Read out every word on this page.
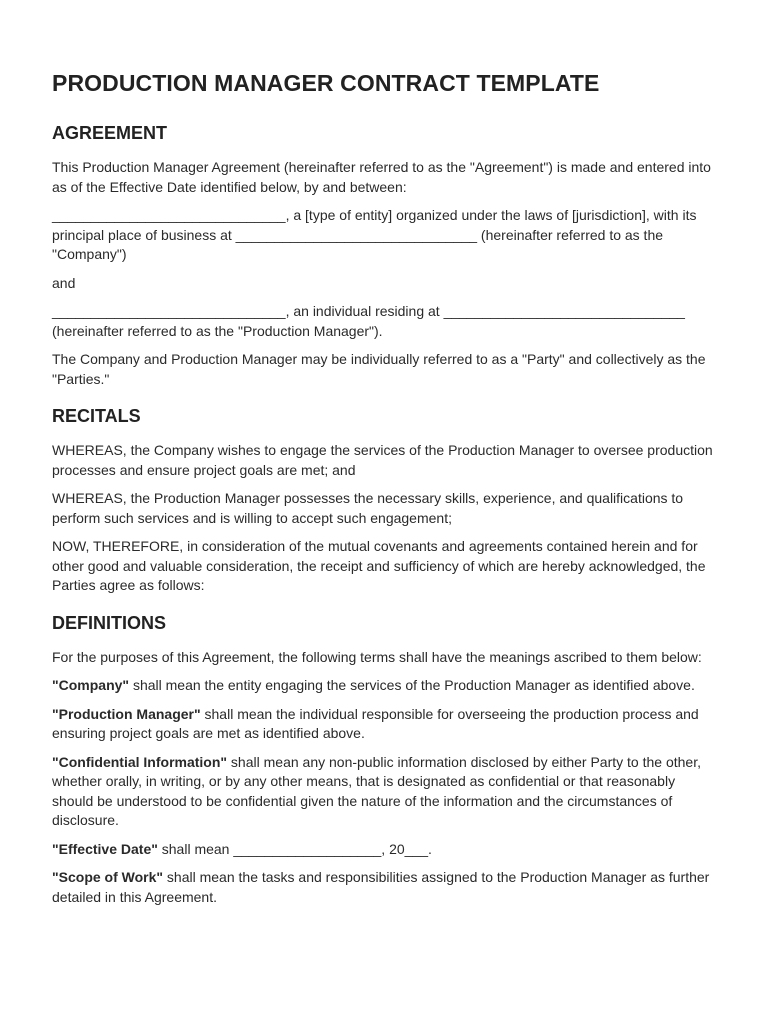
PRODUCTION MANAGER CONTRACT TEMPLATE
AGREEMENT

This Production Manager Agreement (hereinafter referred to as the "Agreement") is made and entered into as of the Effective Date identified below, by and between:

______________________________, a [type of entity] organized under the laws of [jurisdiction], with its principal place of business at _______________________________ (hereinafter referred to as the "Company")

and

______________________________, an individual residing at _______________________________ (hereinafter referred to as the "Production Manager").

The Company and Production Manager may be individually referred to as a "Party" and collectively as the "Parties."

RECITALS

WHEREAS, the Company wishes to engage the services of the Production Manager to oversee production processes and ensure project goals are met; and

WHEREAS, the Production Manager possesses the necessary skills, experience, and qualifications to perform such services and is willing to accept such engagement;

NOW, THEREFORE, in consideration of the mutual covenants and agreements contained herein and for other good and valuable consideration, the receipt and sufficiency of which are hereby acknowledged, the Parties agree as follows:

DEFINITIONS

For the purposes of this Agreement, the following terms shall have the meanings ascribed to them below:

"Company" shall mean the entity engaging the services of the Production Manager as identified above.

"Production Manager" shall mean the individual responsible for overseeing the production process and ensuring project goals are met as identified above.

"Confidential Information" shall mean any non-public information disclosed by either Party to the other, whether orally, in writing, or by any other means, that is designated as confidential or that reasonably should be understood to be confidential given the nature of the information and the circumstances of disclosure.

"Effective Date" shall mean ___________________, 20___.

"Scope of Work" shall mean the tasks and responsibilities assigned to the Production Manager as further detailed in this Agreement.
